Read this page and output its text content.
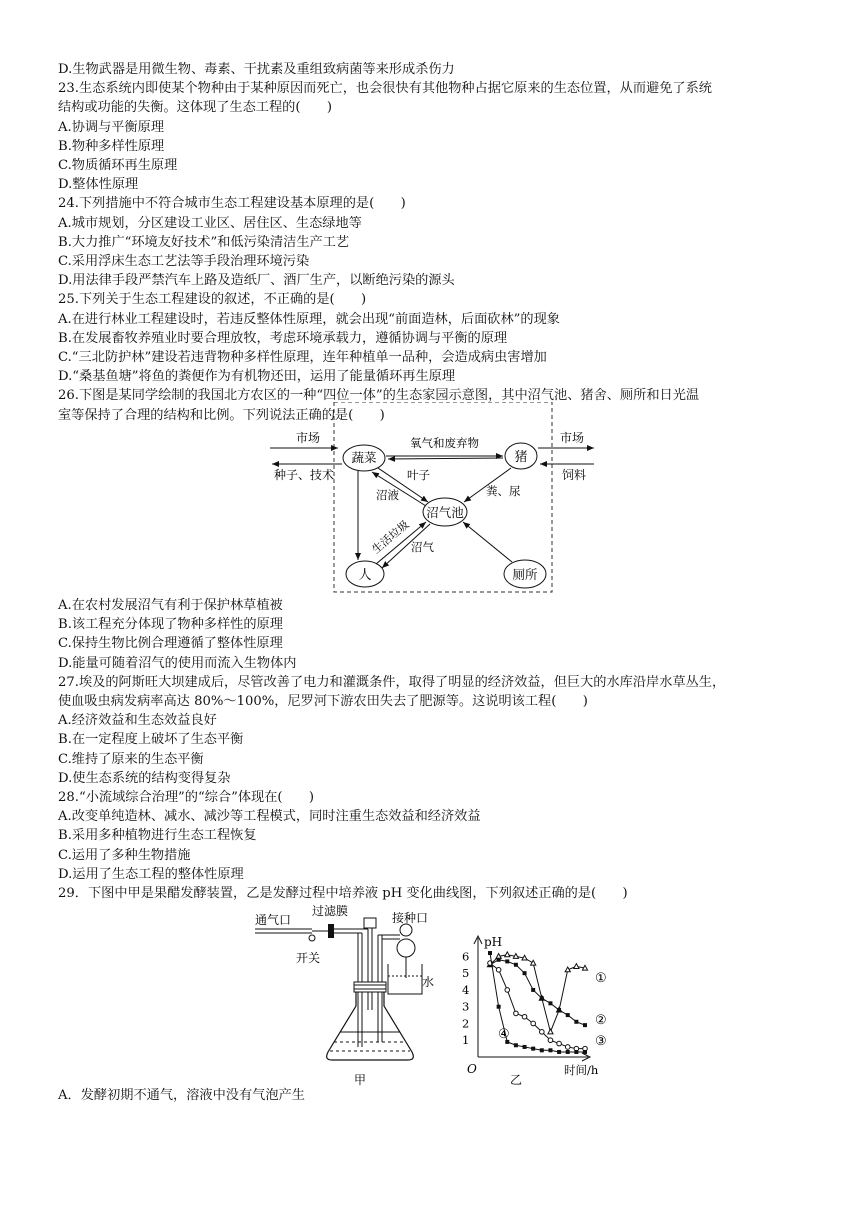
D.生物武器是用微生物、毒素、干扰素及重组致病菌等来形成杀伤力
23.生态系统内即使某个物种由于某种原因而死亡，也会很快有其他物种占据它原来的生态位置，从而避免了系统
结构或功能的失衡。这体现了生态工程的(　　)
A.协调与平衡原理
B.物种多样性原理
C.物质循环再生原理
D.整体性原理
24.下列措施中不符合城市生态工程建设基本原理的是(　　)
A.城市规划，分区建设工业区、居住区、生态绿地等
B.大力推广“环境友好技术”和低污染清洁生产工艺
C.采用浮床生态工艺法等手段治理环境污染
D.用法律手段严禁汽车上路及造纸厂、酒厂生产，以断绝污染的源头
25.下列关于生态工程建设的叙述，不正确的是(　　)
A.在进行林业工程建设时，若违反整体性原理，就会出现“前面造林，后面砍林”的现象
B.在发展畜牧养殖业时要合理放牧，考虑环境承载力，遵循协调与平衡的原理
C.“三北防护林”建设若违背物种多样性原理，连年种植单一品种，会造成病虫害增加
D.“桑基鱼塘”将鱼的粪便作为有机物还田，运用了能量循环再生原理
26.下图是某同学绘制的我国北方农区的一种“四位一体”的生态家园示意图，其中沼气池、猪舍、厕所和日光温
室等保持了合理的结构和比例。下列说法正确的是(　　)
市场
种子、技术
蔬菜	猪
氧气和废弃物	市场
饲料
叶子
沼液	粪、尿
沼气池
生活垃圾 沼气
人	厕所
A.在农村发展沼气有利于保护林草植被
B.该工程充分体现了物种多样性的原理
C.保持生物比例合理遵循了整体性原理
D.能量可随着沼气的使用而流入生物体内
27.埃及的阿斯旺大坝建成后，尽管改善了电力和灌溉条件，取得了明显的经济效益，但巨大的水库沿岸水草丛生，
使血吸虫病发病率高达 80%～100%，尼罗河下游农田失去了肥源等。这说明该工程(　　)
A.经济效益和生态效益良好
B.在一定程度上破坏了生态平衡
C.维持了原来的生态平衡
D.使生态系统的结构变得复杂
28.“小流域综合治理”的“综合”体现在(　　)
A.改变单纯造林、减水、减沙等工程模式，同时注重生态效益和经济效益
B.采用多种植物进行生态工程恢复
C.运用了多种生物措施
D.运用了生态工程的整体性原理
29．下图中甲是果醋发酵装置，乙是发酵过程中培养液 pH 变化曲线图，下列叙述正确的是(　　)
通气口
过滤膜	接种口
开关
水
甲
pH
O	时间/h
乙
6
5
4
3
2
1
①
②
③
④
A．发酵初期不通气，溶液中没有气泡产生
